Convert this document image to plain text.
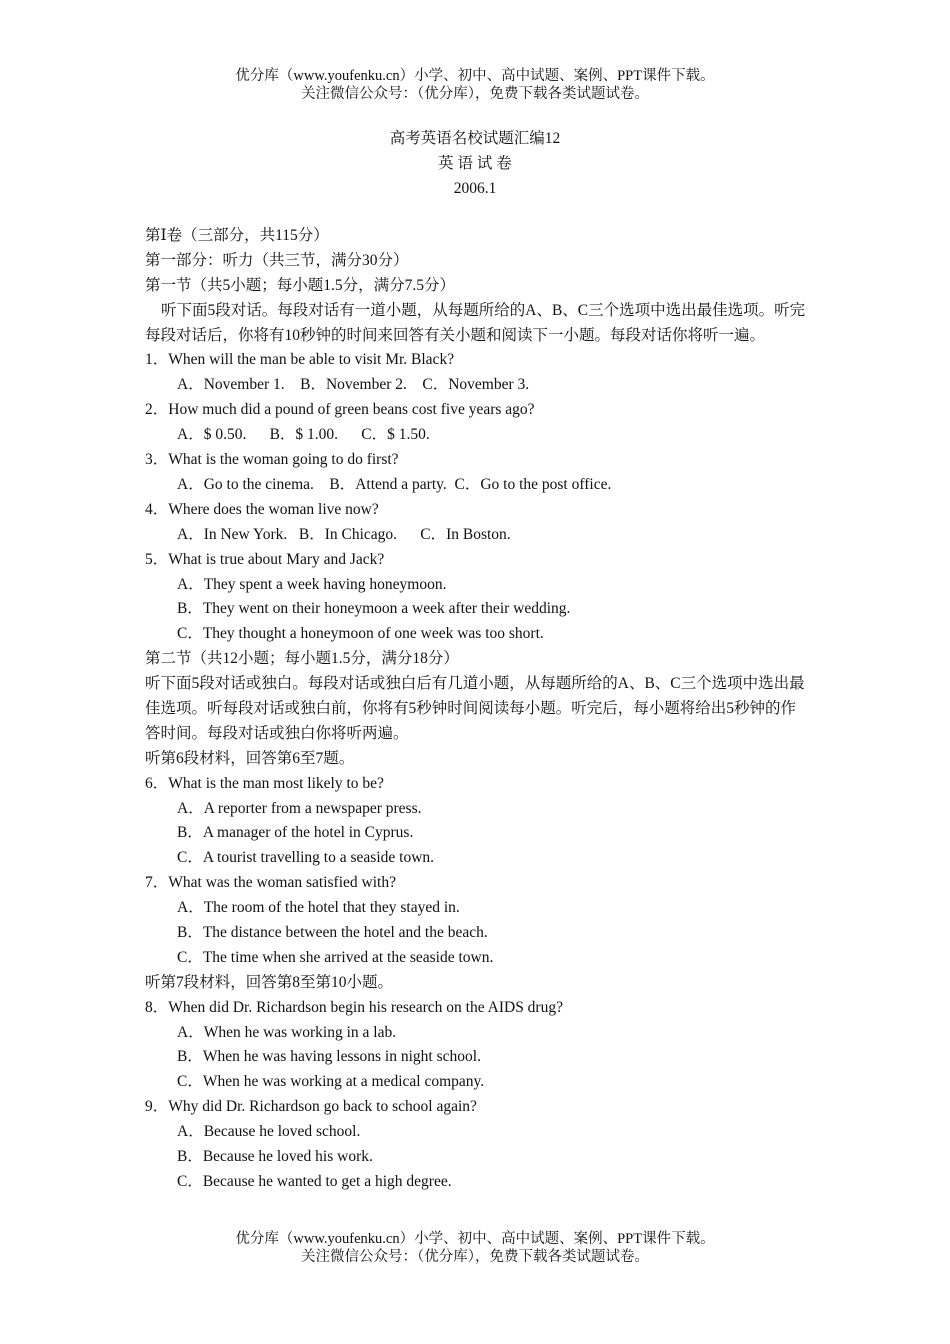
优分库（www.youfenku.cn）小学、初中、高中试题、案例、PPT课件下载。
关注微信公众号：（优分库），免费下载各类试题试卷。
高考英语名校试题汇编12
英 语 试 卷
2006.1
第Ⅰ卷（三部分，共115分）
第一部分：听力（共三节，满分30分）
第一节（共5小题；每小题1.5分，满分7.5分）
听下面5段对话。每段对话有一道小题，从每题所给的A、B、C三个选项中选出最佳选项。听完每段对话后，你将有10秒钟的时间来回答有关小题和阅读下一小题。每段对话你将听一遍。
1．When will the man be able to visit Mr. Black?
A．November 1.    B．November 2.    C．November 3.
2．How much did a pound of green beans cost five years ago?
A．$ 0.50.      B．$ 1.00.      C．$ 1.50.
3．What is the woman going to do first?
A．Go to the cinema.    B．Attend a party.  C．Go to the post office.
4．Where does the woman live now?
A．In New York.   B．In Chicago.      C．In Boston.
5．What is true about Mary and Jack?
A．They spent a week having honeymoon.
B．They went on their honeymoon a week after their wedding.
C．They thought a honeymoon of one week was too short.
第二节（共12小题；每小题1.5分，满分18分）
听下面5段对话或独白。每段对话或独白后有几道小题，从每题所给的A、B、C三个选项中选出最佳选项。听每段对话或独白前，你将有5秒钟时间阅读每小题。听完后，每小题将给出5秒钟的作答时间。每段对话或独白你将听两遍。
听第6段材料，回答第6至7题。
6．What is the man most likely to be?
A．A reporter from a newspaper press.
B．A manager of the hotel in Cyprus.
C．A tourist travelling to a seaside town.
7．What was the woman satisfied with?
A．The room of the hotel that they stayed in.
B．The distance between the hotel and the beach.
C．The time when she arrived at the seaside town.
听第7段材料，回答第8至第10小题。
8．When did Dr. Richardson begin his research on the AIDS drug?
A．When he was working in a lab.
B．When he was having lessons in night school.
C．When he was working at a medical company.
9．Why did Dr. Richardson go back to school again?
A．Because he loved school.
B．Because he loved his work.
C．Because he wanted to get a high degree.
优分库（www.youfenku.cn）小学、初中、高中试题、案例、PPT课件下载。
关注微信公众号：（优分库），免费下载各类试题试卷。
